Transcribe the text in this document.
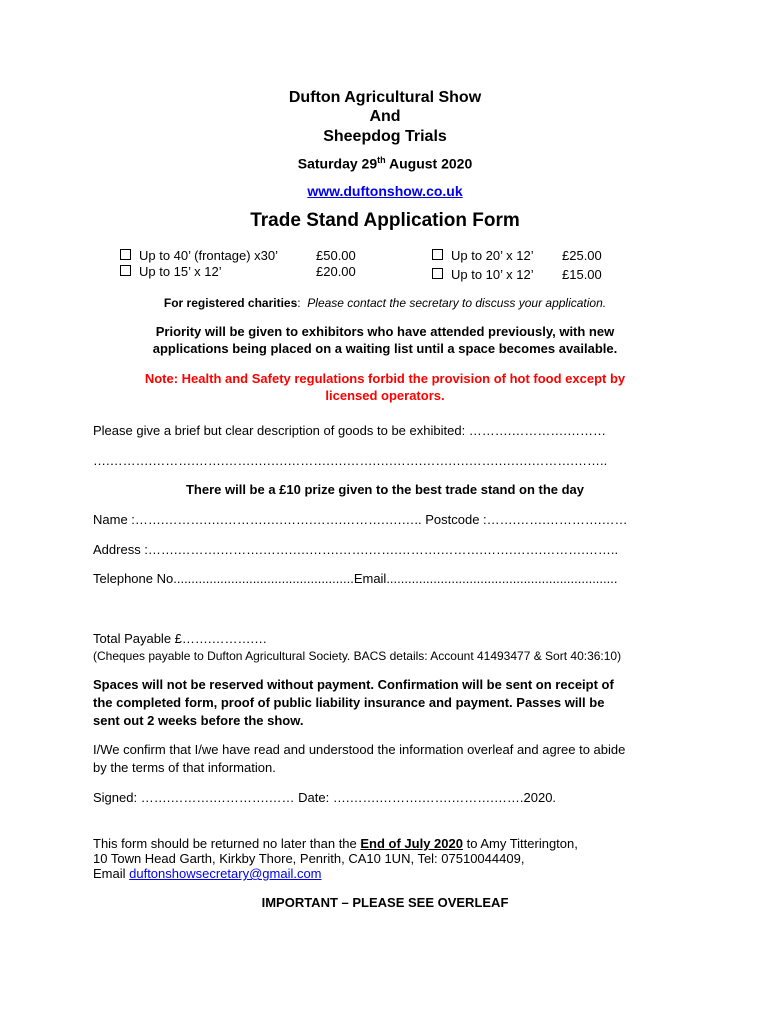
Dufton Agricultural Show
And
Sheepdog Trials
Saturday 29th August 2020
www.duftonshow.co.uk
Trade Stand Application Form
Up to 40’ (frontage) x30’	£50.00
Up to 15’ x 12’	£20.00
Up to 20’ x 12’ £25.00
Up to 10’ x 12’ £15.00
For registered charities: Please contact the secretary to discuss your application.
Priority will be given to exhibitors who have attended previously, with new
applications being placed on a waiting list until a space becomes available.
Note: Health and Safety regulations forbid the provision of hot food except by
licensed operators.
Please give a brief but clear description of goods to be exhibited: ……….………….………
….……….……….…….…….….….……….….…….….…….…….….…….….….……….……..
There will be a £10 prize given to the best trade stand on the day
Name :…….……….….……….….…….…….……….….….. Postcode :…….…….………….……
Address :…….……….……….…….….…….…….…….……….……….…….…….……….……..
Telephone No..................................................Email................................................................
Total Payable £…….……….…
(Cheques payable to Dufton Agricultural Society. BACS details: Account 41493477 & Sort 40:36:10)
Spaces will not be reserved without payment. Confirmation will be sent on receipt of
the completed form, proof of public liability insurance and payment. Passes will be
sent out 2 weeks before the show.
I/We confirm that I/we have read and understood the information overleaf and agree to abide
by the terms of that information.
Signed: …….……….………….…… Date: ….…….……….…….……….…….2020.
This form should be returned no later than the End of July 2020 to Amy Titterington,
10 Town Head Garth, Kirkby Thore, Penrith, CA10 1UN, Tel: 07510044409,
Email duftonshowsecretary@gmail.com
IMPORTANT – PLEASE SEE OVERLEAF
